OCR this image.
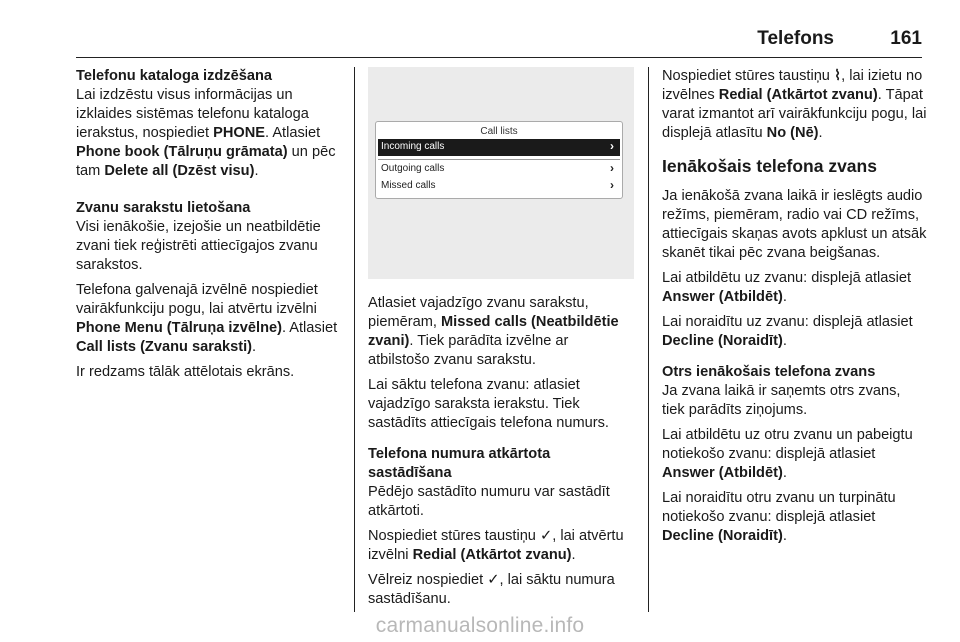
Telefons	161

Telefonu kataloga izdzēšana

Lai izdzēstu visus informācijas un izklaides sistēmas telefonu kataloga ierakstus, nospiediet PHONE. Atlasiet Phone book (Tālruņu grāmata) un pēc tam Delete all (Dzēst visu).

Zvanu sarakstu lietošana

Visi ienākošie, izejošie un neatbildētie zvani tiek reģistrēti attiecīgajos zvanu sarakstos.

Telefona galvenajā izvēlnē nospiediet vairākfunkciju pogu, lai atvērtu izvēlni Phone Menu (Tālruņa izvēlne). Atlasiet Call lists (Zvanu saraksti).

Ir redzams tālāk attēlotais ekrāns.

Call lists
Incoming calls	›
Outgoing calls	›
Missed calls	›

Atlasiet vajadzīgo zvanu sarakstu, piemēram, Missed calls (Neatbildētie zvani). Tiek parādīta izvēlne ar atbilstošo zvanu sarakstu.

Lai sāktu telefona zvanu: atlasiet vajadzīgo saraksta ierakstu. Tiek sastādīts attiecīgais telefona numurs.

Telefona numura atkārtota sastādīšana

Pēdējo sastādīto numuru var sastādīt atkārtoti.

Nospiediet stūres taustiņu ✓, lai atvērtu izvēlni Redial (Atkārtot zvanu).

Vēlreiz nospiediet ✓, lai sāktu numura sastādīšanu.

Nospiediet stūres taustiņu ⌇, lai izietu no izvēlnes Redial (Atkārtot zvanu). Tāpat varat izmantot arī vairākfunkciju pogu, lai displejā atlasītu No (Nē).

Ienākošais telefona zvans

Ja ienākošā zvana laikā ir ieslēgts audio režīms, piemēram, radio vai CD režīms, attiecīgais skaņas avots apklust un atsāk skanēt tikai pēc zvana beigšanas.

Lai atbildētu uz zvanu: displejā atlasiet Answer (Atbildēt).

Lai noraidītu uz zvanu: displejā atlasiet Decline (Noraidīt).

Otrs ienākošais telefona zvans

Ja zvana laikā ir saņemts otrs zvans, tiek parādīts ziņojums.

Lai atbildētu uz otru zvanu un pabeigtu notiekošo zvanu: displejā atlasiet Answer (Atbildēt).

Lai noraidītu otru zvanu un turpinātu notiekošo zvanu: displejā atlasiet Decline (Noraidīt).

carmanualsonline.info
